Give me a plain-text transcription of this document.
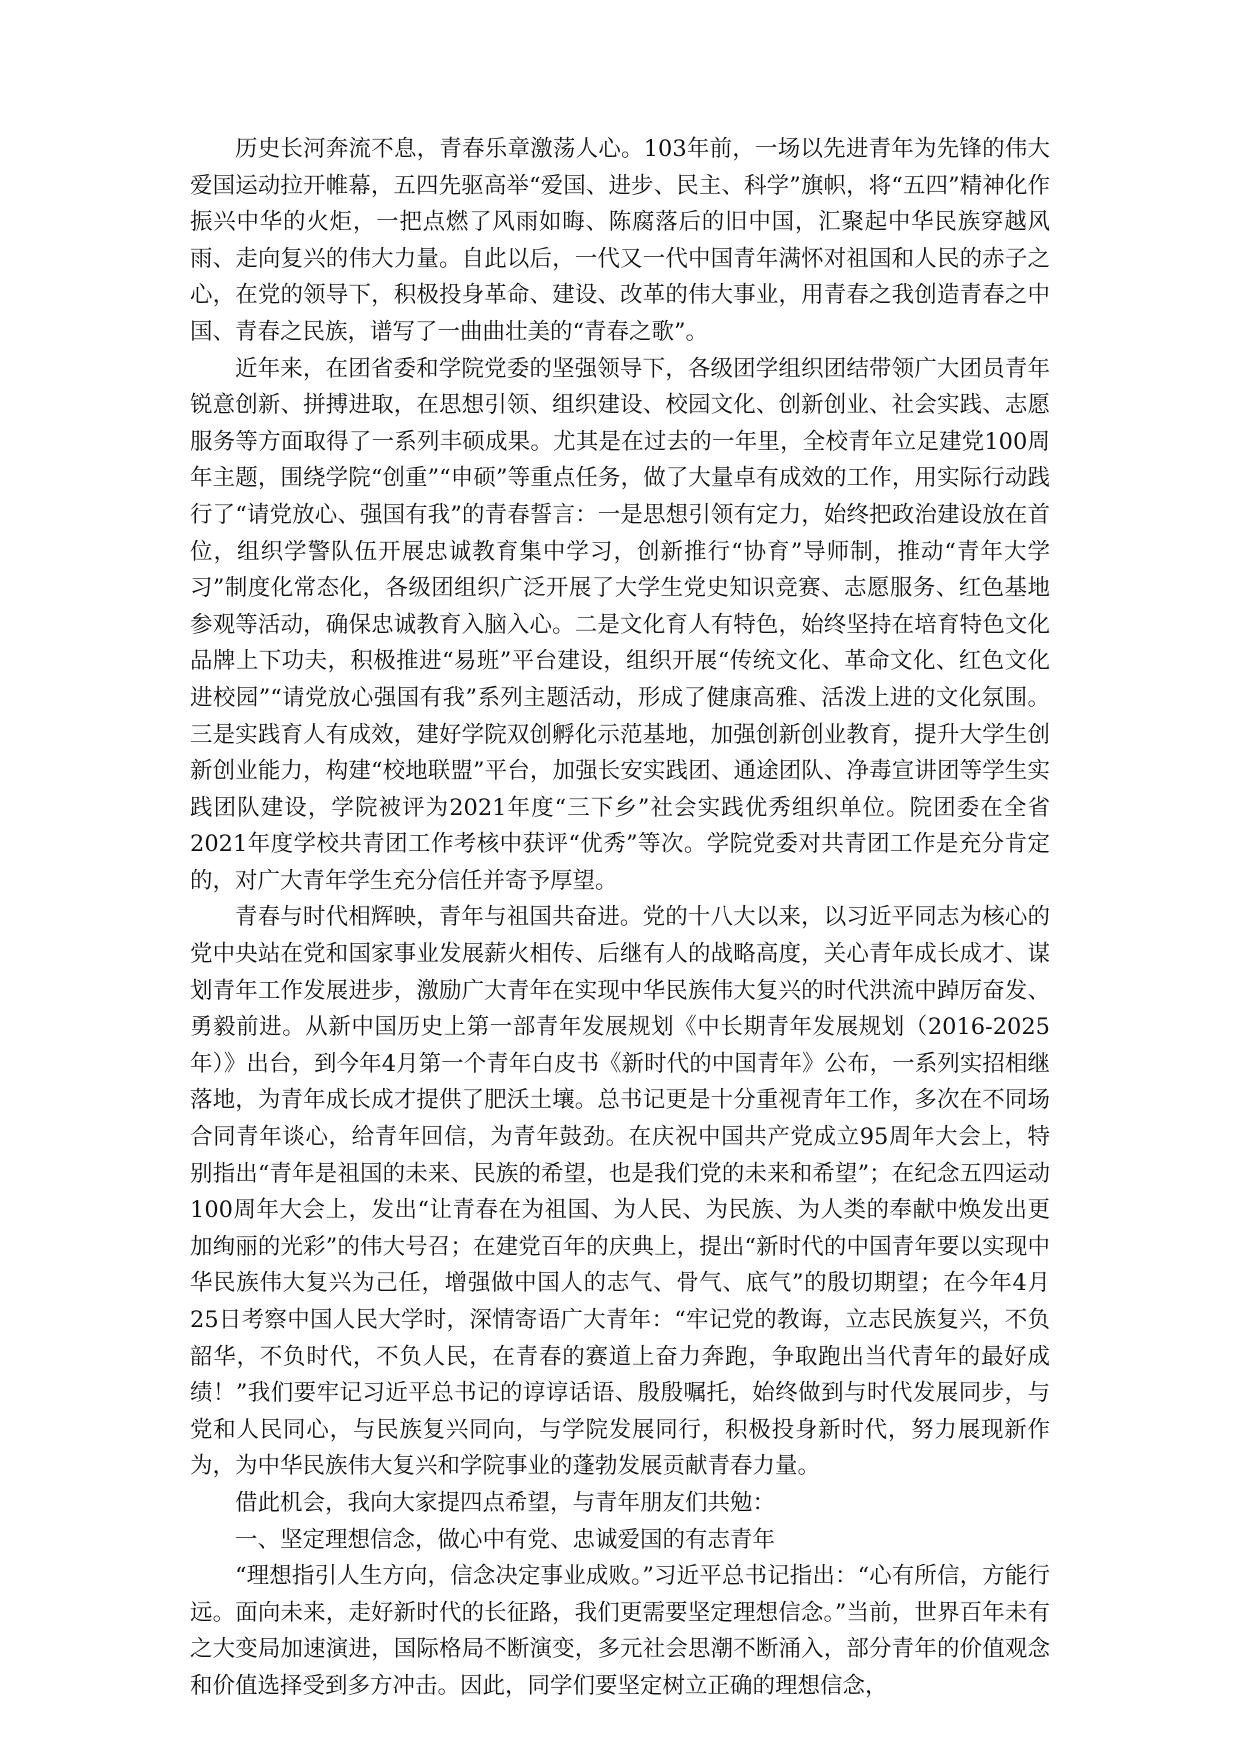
历史长河奔流不息，青春乐章激荡人心。103年前，一场以先进青年为先锋的伟大爱国运动拉开帷幕，五四先驱高举“爱国、进步、民主、科学”旗帜，将“五四”精神化作振兴中华的火炬，一把点燃了风雨如晦、陈腐落后的旧中国，汇聚起中华民族穿越风雨、走向复兴的伟大力量。自此以后，一代又一代中国青年满怀对祖国和人民的赤子之心，在党的领导下，积极投身革命、建设、改革的伟大事业，用青春之我创造青春之中国、青春之民族，谱写了一曲曲壮美的“青春之歌”。

近年来，在团省委和学院党委的坚强领导下，各级团学组织团结带领广大团员青年锐意创新、拼搏进取，在思想引领、组织建设、校园文化、创新创业、社会实践、志愿服务等方面取得了一系列丰硕成果。尤其是在过去的一年里，全校青年立足建党100周年主题，围绕学院“创重”“申硕”等重点任务，做了大量卓有成效的工作，用实际行动践行了“请党放心、强国有我”的青春誓言：一是思想引领有定力，始终把政治建设放在首位，组织学警队伍开展忠诚教育集中学习，创新推行“协育”导师制，推动“青年大学习”制度化常态化，各级团组织广泛开展了大学生党史知识竞赛、志愿服务、红色基地参观等活动，确保忠诚教育入脑入心。二是文化育人有特色，始终坚持在培育特色文化品牌上下功夫，积极推进“易班”平台建设，组织开展“传统文化、革命文化、红色文化进校园”“请党放心强国有我”系列主题活动，形成了健康高雅、活泼上进的文化氛围。三是实践育人有成效，建好学院双创孵化示范基地，加强创新创业教育，提升大学生创新创业能力，构建“校地联盟”平台，加强长安实践团、通途团队、净毒宣讲团等学生实践团队建设，学院被评为2021年度“三下乡”社会实践优秀组织单位。院团委在全省2021年度学校共青团工作考核中获评“优秀”等次。学院党委对共青团工作是充分肯定的，对广大青年学生充分信任并寄予厚望。

青春与时代相辉映，青年与祖国共奋进。党的十八大以来，以习近平同志为核心的党中央站在党和国家事业发展薪火相传、后继有人的战略高度，关心青年成长成才、谋划青年工作发展进步，激励广大青年在实现中华民族伟大复兴的时代洪流中踔厉奋发、勇毅前进。从新中国历史上第一部青年发展规划《中长期青年发展规划（2016-2025年）》出台，到今年4月第一个青年白皮书《新时代的中国青年》公布，一系列实招相继落地，为青年成长成才提供了肥沃土壤。总书记更是十分重视青年工作，多次在不同场合同青年谈心，给青年回信，为青年鼓劲。在庆祝中国共产党成立95周年大会上，特别指出“青年是祖国的未来、民族的希望，也是我们党的未来和希望”；在纪念五四运动100周年大会上，发出“让青春在为祖国、为人民、为民族、为人类的奉献中焕发出更加绚丽的光彩”的伟大号召；在建党百年的庆典上，提出“新时代的中国青年要以实现中华民族伟大复兴为己任，增强做中国人的志气、骨气、底气”的殷切期望；在今年4月25日考察中国人民大学时，深情寄语广大青年：“牢记党的教诲，立志民族复兴，不负韶华，不负时代，不负人民，在青春的赛道上奋力奔跑，争取跑出当代青年的最好成绩！”我们要牢记习近平总书记的谆谆话语、殷殷嘱托，始终做到与时代发展同步，与党和人民同心，与民族复兴同向，与学院发展同行，积极投身新时代，努力展现新作为，为中华民族伟大复兴和学院事业的蓬勃发展贡献青春力量。

借此机会，我向大家提四点希望，与青年朋友们共勉：

一、坚定理想信念，做心中有党、忠诚爱国的有志青年

“理想指引人生方向，信念决定事业成败。”习近平总书记指出：“心有所信，方能行远。面向未来，走好新时代的长征路，我们更需要坚定理想信念。”当前，世界百年未有之大变局加速演进，国际格局不断演变，多元社会思潮不断涌入，部分青年的价值观念和价值选择受到多方冲击。因此，同学们要坚定树立正确的理想信念，
